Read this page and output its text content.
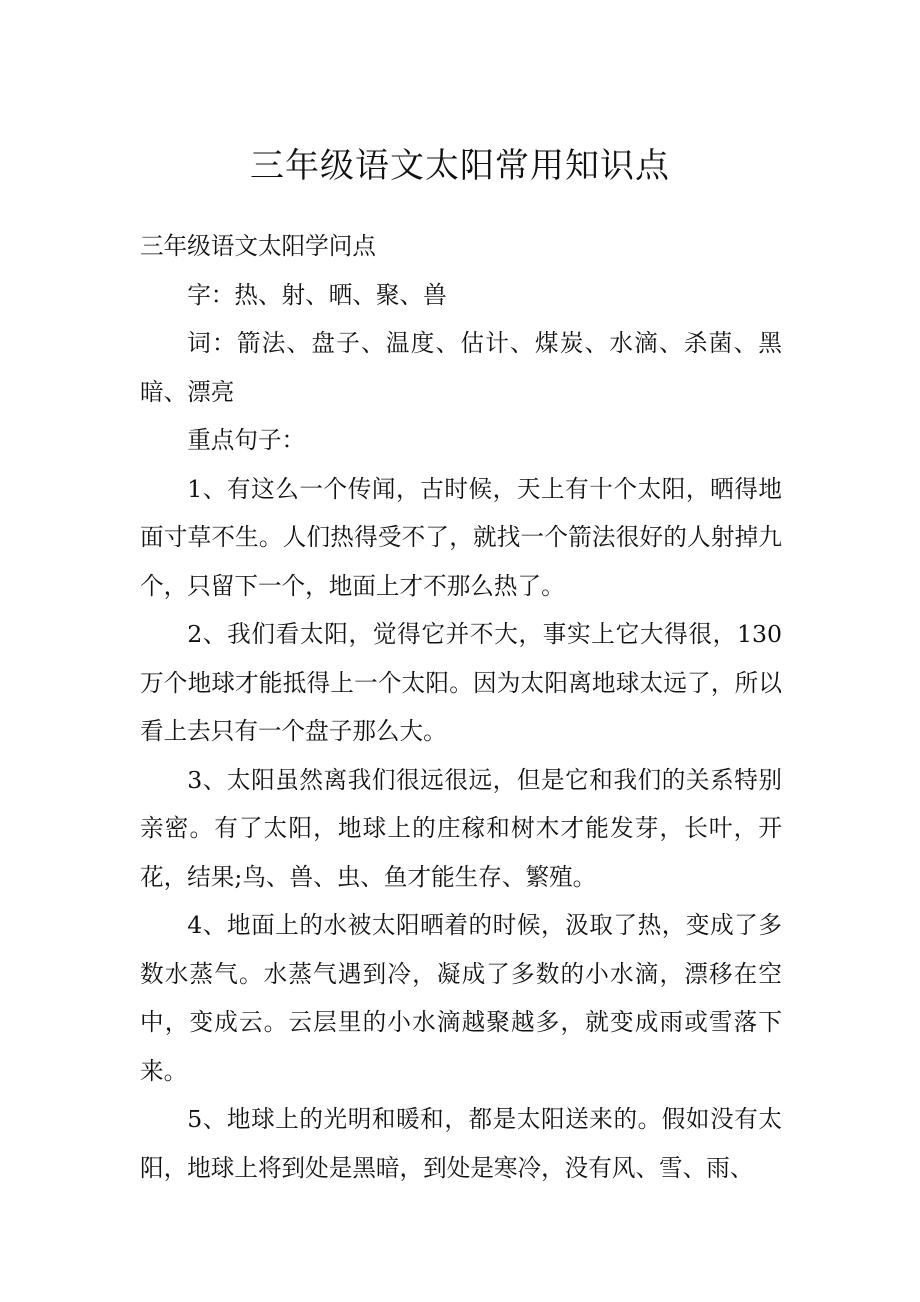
三年级语文太阳常用知识点

三年级语文太阳学问点

字：热、射、晒、聚、兽

词：箭法、盘子、温度、估计、煤炭、水滴、杀菌、黑暗、漂亮

重点句子：

1、有这么一个传闻，古时候，天上有十个太阳，晒得地面寸草不生。人们热得受不了，就找一个箭法很好的人射掉九个，只留下一个，地面上才不那么热了。

2、我们看太阳，觉得它并不大，事实上它大得很，130万个地球才能抵得上一个太阳。因为太阳离地球太远了，所以看上去只有一个盘子那么大。

3、太阳虽然离我们很远很远，但是它和我们的关系特别亲密。有了太阳，地球上的庄稼和树木才能发芽，长叶，开花，结果;鸟、兽、虫、鱼才能生存、繁殖。

4、地面上的水被太阳晒着的时候，汲取了热，变成了多数水蒸气。水蒸气遇到冷，凝成了多数的小水滴，漂移在空中，变成云。云层里的小水滴越聚越多，就变成雨或雪落下来。

5、地球上的光明和暖和，都是太阳送来的。假如没有太阳，地球上将到处是黑暗，到处是寒冷，没有风、雪、雨、
